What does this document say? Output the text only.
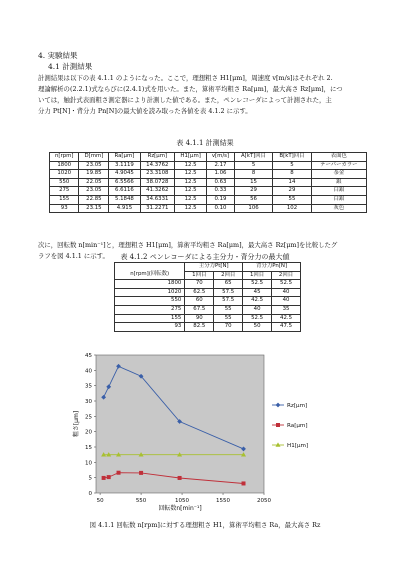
4. 実験結果
4.1 計測結果
計測結果は以下の表 4.1.1 のようになった。ここで，理想粗さ H1[μm]，周速度 v[m/s]はそれぞれ 2.
理論解析の(2.2.1)式ならびに(2.4.1)式を用いた。また，算術平均粗さ Ra[μm]，最大高さ Rz[μm]，につ
いては，触針式表面粗さ測定器により計測した値である。また，ペンレコーダによって計測された，主
分力 Pt[N]・背分力 Pn[N]の最大値を読み取った各値を表 4.1.2 に示す。
表 4.1.1 計測結果
n[rpm]	D[mm]	Ra[μm]	Rz[μm]	H1[μm]	v[m/s]	A[kT]回目	B[kT]回目	表面色
1800	23.05	3.1119	14.3762	12.5	2.17	5	5	テーパーカラー
1020	19.85	4.9045	23.3108	12.5	1.06	8	8	茶金
550	22.05	6.5566	38.0728	12.5	0.63	15	14	銀
275	23.05	6.6116	41.3262	12.5	0.33	29	29	白銀
155	22.85	5.1848	34.6331	12.5	0.19	56	55	白銀
93	23.15	4.915	31.2271	12.5	0.10	106	102	灰色
表 4.1.2 ペンレコーダによる主分力・背分力の最大値
	主分力Pt[N]		背分力Pn[N]	
n[rpm](回転数)	1回目	2回目	1回目	2回目
1800	70	65	52.5	52.5
1020	62.5	57.5	45	40
550	60	57.5	42.5	40
275	67.5	55	40	35
155	90	55	52.5	42.5
93	82.5	70	50	47.5
次に，回転数 n[min⁻¹]と，理想粗さ H1[μm]，算術平均粗さ Ra[μm]，最大高さ Rz[μm]を比較したグ
ラフを図 4.1.1 に示す。
0
5
10
15
20
25
30
35
40
45
50	550	1050	1550	2050
回転数n[min⁻¹]
粗さ[μm]
Rz[μm]
Ra[μm]
H1[μm]
図 4.1.1 回転数 n[rpm]に対する理想粗さ H1，算術平均粗さ Ra，最大高さ Rz
